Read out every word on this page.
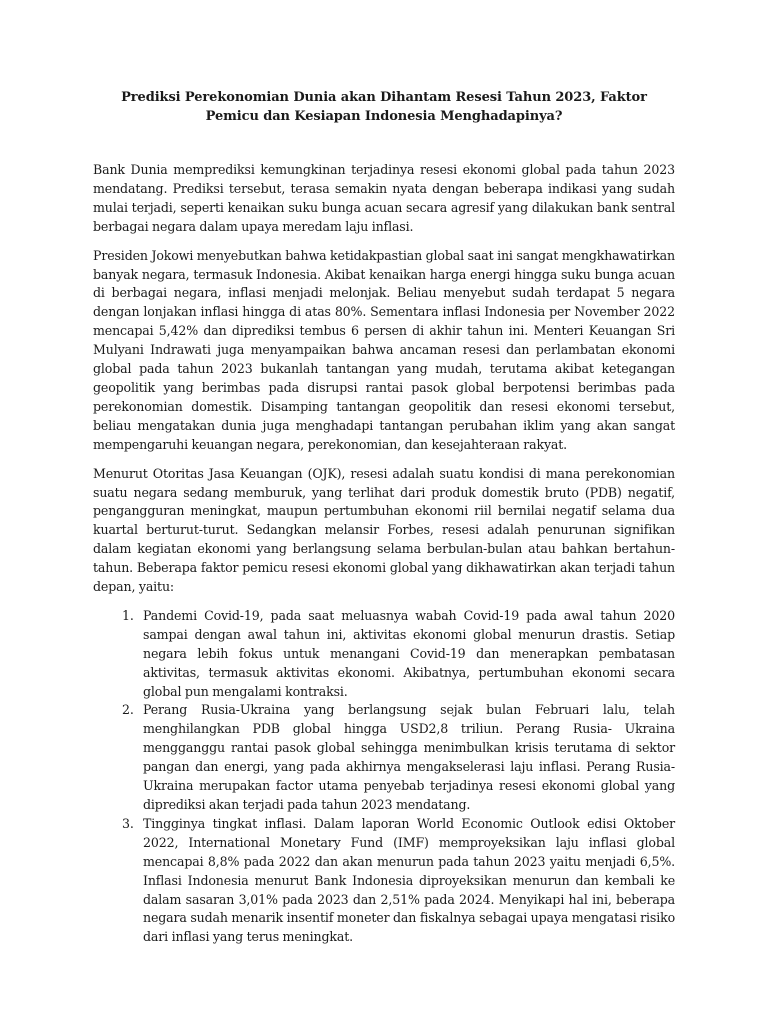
Prediksi Perekonomian Dunia akan Dihantam Resesi Tahun 2023, Faktor Pemicu dan Kesiapan Indonesia Menghadapinya?

Bank Dunia memprediksi kemungkinan terjadinya resesi ekonomi global pada tahun 2023 mendatang. Prediksi tersebut, terasa semakin nyata dengan beberapa indikasi yang sudah mulai terjadi, seperti kenaikan suku bunga acuan secara agresif yang dilakukan bank sentral berbagai negara dalam upaya meredam laju inflasi.

Presiden Jokowi menyebutkan bahwa ketidakpastian global saat ini sangat mengkhawatirkan banyak negara, termasuk Indonesia. Akibat kenaikan harga energi hingga suku bunga acuan di berbagai negara, inflasi menjadi melonjak. Beliau menyebut sudah terdapat 5 negara dengan lonjakan inflasi hingga di atas 80%. Sementara inflasi Indonesia per November 2022 mencapai 5,42% dan diprediksi tembus 6 persen di akhir tahun ini. Menteri Keuangan Sri Mulyani Indrawati juga menyampaikan bahwa ancaman resesi dan perlambatan ekonomi global pada tahun 2023 bukanlah tantangan yang mudah, terutama akibat ketegangan geopolitik yang berimbas pada disrupsi rantai pasok global berpotensi berimbas pada perekonomian domestik. Disamping tantangan geopolitik dan resesi ekonomi tersebut, beliau mengatakan dunia juga menghadapi tantangan perubahan iklim yang akan sangat mempengaruhi keuangan negara, perekonomian, dan kesejahteraan rakyat.

Menurut Otoritas Jasa Keuangan (OJK), resesi adalah suatu kondisi di mana perekonomian suatu negara sedang memburuk, yang terlihat dari produk domestik bruto (PDB) negatif, pengangguran meningkat, maupun pertumbuhan ekonomi riil bernilai negatif selama dua kuartal berturut-turut. Sedangkan melansir Forbes, resesi adalah penurunan signifikan dalam kegiatan ekonomi yang berlangsung selama berbulan-bulan atau bahkan bertahun-tahun. Beberapa faktor pemicu resesi ekonomi global yang dikhawatirkan akan terjadi tahun depan, yaitu:

1. Pandemi Covid-19, pada saat meluasnya wabah Covid-19 pada awal tahun 2020 sampai dengan awal tahun ini, aktivitas ekonomi global menurun drastis. Setiap negara lebih fokus untuk menangani Covid-19 dan menerapkan pembatasan aktivitas, termasuk aktivitas ekonomi. Akibatnya, pertumbuhan ekonomi secara global pun mengalami kontraksi.
2. Perang Rusia-Ukraina yang berlangsung sejak bulan Februari lalu, telah menghilangkan PDB global hingga USD2,8 triliun. Perang Rusia- Ukraina mengganggu rantai pasok global sehingga menimbulkan krisis terutama di sektor pangan dan energi, yang pada akhirnya mengakselerasi laju inflasi. Perang Rusia-Ukraina merupakan factor utama penyebab terjadinya resesi ekonomi global yang diprediksi akan terjadi pada tahun 2023 mendatang.
3. Tingginya tingkat inflasi. Dalam laporan World Economic Outlook edisi Oktober 2022, International Monetary Fund (IMF) memproyeksikan laju inflasi global mencapai 8,8% pada 2022 dan akan menurun pada tahun 2023 yaitu menjadi 6,5%. Inflasi Indonesia menurut Bank Indonesia diproyeksikan menurun dan kembali ke dalam sasaran 3,01% pada 2023 dan 2,51% pada 2024. Menyikapi hal ini, beberapa negara sudah menarik insentif moneter dan fiskalnya sebagai upaya mengatasi risiko dari inflasi yang terus meningkat.
